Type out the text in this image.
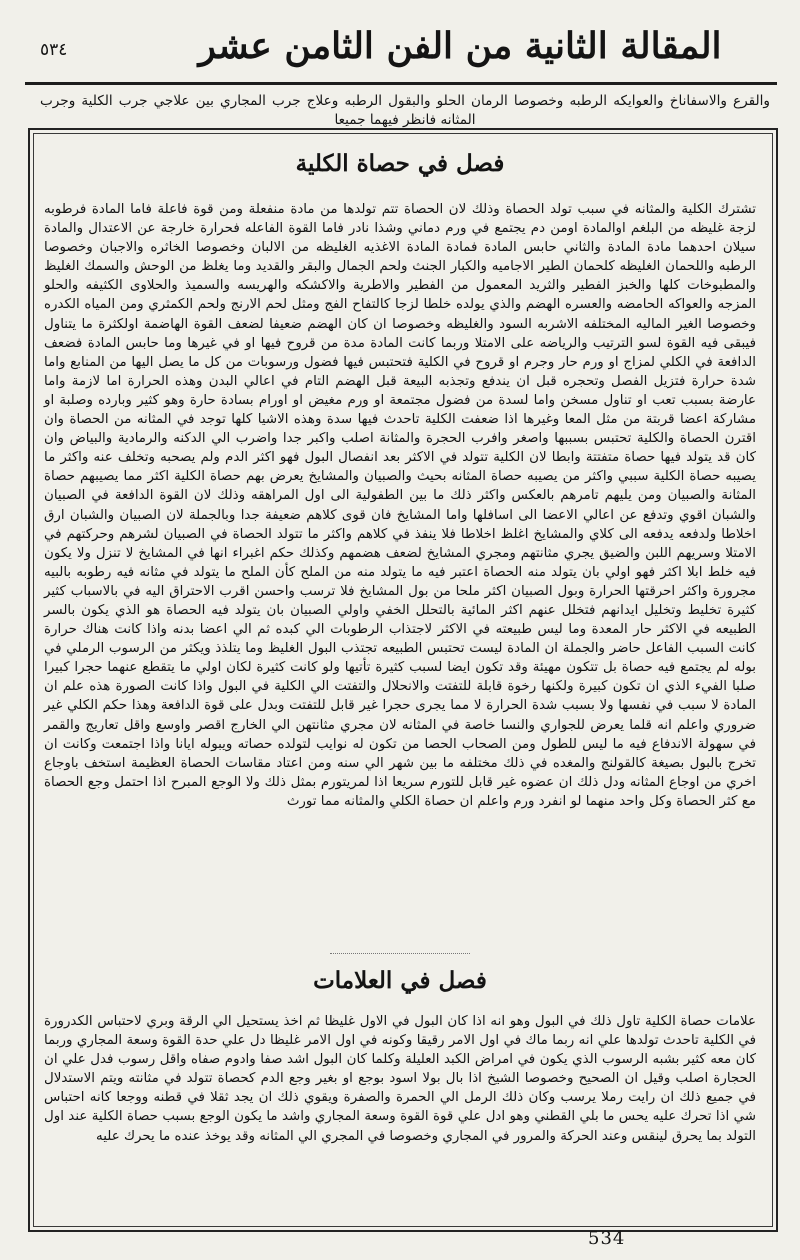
٥٣٤	المقالة الثانية من الفن الثامن عشر
والقرع والاسفاناخ والعوايكه الرطبه وخصوصا الرمان الحلو والبقول الرطبه وعلاج جرب المجاري بين علاجي جرب الكلية وجرب المثانه فانظر فيهما جميعا
فصل في حصاة الكلية

تشترك الكلية والمثانه في سبب تولد الحصاة وذلك لان الحصاة تتم تولدها من مادة منفعلة ومن قوة فاعلة فاما المادة فرطوبه لزجة غليظه من البلغم اوالمادة اومن دم يجتمع في ورم دماني وشذا نادر فاما القوة الفاعله فحرارة خارجة عن الاعتدال والمادة سيلان احدهما مادة المادة والثاني حابس المادة فمادة المادة الاغذيه الغليظه من الالبان وخصوصا الخاثره والاجبان وخصوصا الرطبه واللحمان الغليظه كلحمان الطير الاجاميه والكبار الجنث ولحم الجمال والبقر والقديد وما يغلظ من الوحش والسمك الغليظ والمطبوخات كلها والخبز الفطير والثريد المعمول من الفطير والاطرية والاكشكه والهريسه والسميذ والحلاوى الكثيفه والحلو المزجه والعواكه الحامضه والعسره الهضم والذي يولده خلطا لزجا كالتفاح الفج ومثل لحم الارنج ولحم الكمثري ومن المياه الكدره وخصوصا الغير الماليه المختلفه الاشربه السود والغليظه وخصوصا ان كان الهضم ضعيفا لضعف القوة الهاضمة اولكثرة ما يتناول فيبقى فيه القوة لسو الترتيب والرياضه على الامتلا وربما كانت المادة مدة من قروح فيها او في غيرها وما حابس المادة فضعف الدافعة في الكلي لمزاج او ورم حار وجرم او قروح في الكلية فتحتبس فيها فضول ورسوبات من كل ما يصل اليها من المنابع واما شدة حرارة فتزيل الفصل وتحجره قبل ان يندفع وتجذبه البيعة قبل الهضم التام في اعالي البدن وهذه الحرارة اما لازمة واما عارضة بسبب تعب او تناول مسخن واما لسدة من فضول مجتمعة او ورم مغيض او اورام بسادة حارة وهو كثير وبارده وصلبة او مشاركة اعضا قربتة من مثل المعا وغيرها اذا ضعفت الكلية تاحدث فيها سدة وهذه الاشيا كلها توجد في المثانه من الحصاة وان اقترن الحصاة والكلية تحتبس بسببها واصغر وافرب الحجرة والمثانة اصلب واكبر جدا واضرب الي الدكنه والرمادية والبياض وان كان قد يتولد فيها حصاة متفتتة وابطا لان الكلية تتولد في الاكثر بعد انفصال البول فهو اكثر الدم ولم يصحبه وتخلف عنه واكثر ما يصيبه حصاة الكلية سببي واكثر من يصيبه حصاة المثانه بحيث والصبيان والمشايخ يعرض بهم حصاة الكلية اكثر مما يصيبهم حصاة المثانة والصبيان ومن يليهم تامرهم بالعكس واكثر ذلك ما بين الطفولية الى اول المراهقه وذلك لان القوة الدافعة في الصبيان والشبان اقوي وتدفع عن اعالي الاعضا الى اسافلها واما المشايخ فان قوى كلاهم ضعيفة جدا وبالجملة لان الصبيان والشبان ارق اخلاطا ولدفعه يدفعه الى كلاي والمشايخ اغلظ اخلاطا فلا ينفذ في كلاهم واكثر ما تتولد الحصاة في الصبيان لشرهم وحركتهم في الامتلا وسريهم اللبن والضيق يجري مثانتهم ومجري المشايخ لضعف هضمهم وكذلك حكم اغبراء انها في المشايخ لا تنزل ولا يكون فيه خلط ابلا اكثر فهو اولي بان يتولد منه الحصاة اعتبر فيه ما يتولد منه من الملح كأن الملح ما يتولد في مثانه فيه رطوبه بالبيه مجرورة واكثر احرقتها الحرارة وبول الصبيان اكثر ملحا من بول المشايخ فلا ترسب واحسن اقرب الاحتراق اليه في بالاسباب كثير كثيرة تخليط وتخليل ايدانهم فتخلل عنهم اكثر المائية بالتحلل الخفي واولي الصبيان بان يتولد فيه الحصاة هو الذي يكون بالسر الطبيعه في الاكثر حار المعدة وما ليس طبيعته في الاكثر لاجتذاب الرطوبات الي كبده ثم الي اعضا بدنه واذا كانت هناك حرارة كانت السبب الفاعل حاضر والجملة ان المادة ليست تحتبس الطبيعه تجتذب البول الغليظ وما يتلذذ ويكثر من الرسوب الرملي في بوله لم يجتمع فيه حصاة بل تتكون مهيئة وقد تكون ايضا لسبب كثيرة تأتيها ولو كانت كثيرة لكان اولي ما يتقطع عنهما حجرا كبيرا صلبا الفيء الذي ان تكون كبيرة ولكنها رخوة قابلة للتفتت والانحلال والتفتت الي الكلية في البول واذا كانت الصورة هذه علم ان المادة لا سبب في نفسها ولا بسبب شدة الحرارة لا مما يجرى حجرا غير قابل للتفتت وبدل على قوة الدافعة وهذا حكم الكلي غير ضروري واعلم انه قلما يعرض للجواري والنسا خاصة في المثانه لان مجري مثانتهن الي الخارج اقصر واوسع واقل تعاريج والقمر في سهولة الاندفاع فيه ما ليس للطول ومن الصحاب الحصا من تكون له نوايب لتولده حصاته ويبوله ايانا واذا اجتمعت وكانت ان تخرج بالبول بصيغة كالقولنج والمغده في ذلك مختلفه ما بين شهر الي سنه ومن اعتاد مقاسات الحصاة العظيمة استخف باوجاع اخري من اوجاع المثانه ودل ذلك ان عضوه غير قابل للتورم سريعا اذا لمريتورم بمثل ذلك ولا الوجع المبرح اذا احتمل وجع الحصاة مع كثر الحصاة وكل واحد منهما لو انفرد ورم واعلم ان حصاة الكلي والمثانه مما تورث

فصل في العلامات

علامات حصاة الكلية تاول ذلك في البول وهو انه اذا كان البول في الاول غليظا ثم اخذ يستحيل الي الرقة وبري لاحتباس الكدرورة في الكلية تاحدث تولدها علي انه ربما ماك في اول الامر رقيقا وكونه في اول الامر غليظا دل علي حدة القوة وسعة المجاري وربما كان معه كثير بشبه الرسوب الذي يكون في امراض الكبد العليلة وكلما كان البول اشد صفا وادوم صفاه واقل رسوب فدل علي ان الحجارة اصلب وقيل ان الصحيح وخصوصا الشيخ اذا بال بولا اسود بوجع او بغير وجع الدم كحصاة تتولد في مثانته ويتم الاستدلال في جميع ذلك ان رايت رملا يرسب وكان ذلك الرمل الي الحمرة والصفرة ويقوي ذلك ان يجد ثقلا في قطنه ووجعا كانه احتباس شي اذا تحرك عليه يحس ما بلي القطني وهو ادل علي قوة القوة وسعة المجاري واشد ما يكون الوجع بسبب حصاة الكلية عند اول التولد بما يحرق لينقس وعند الحركة والمرور في المجاري وخصوصا في المجري الي المثانه وقد يوخذ عنده ما يحرك عليه

534
